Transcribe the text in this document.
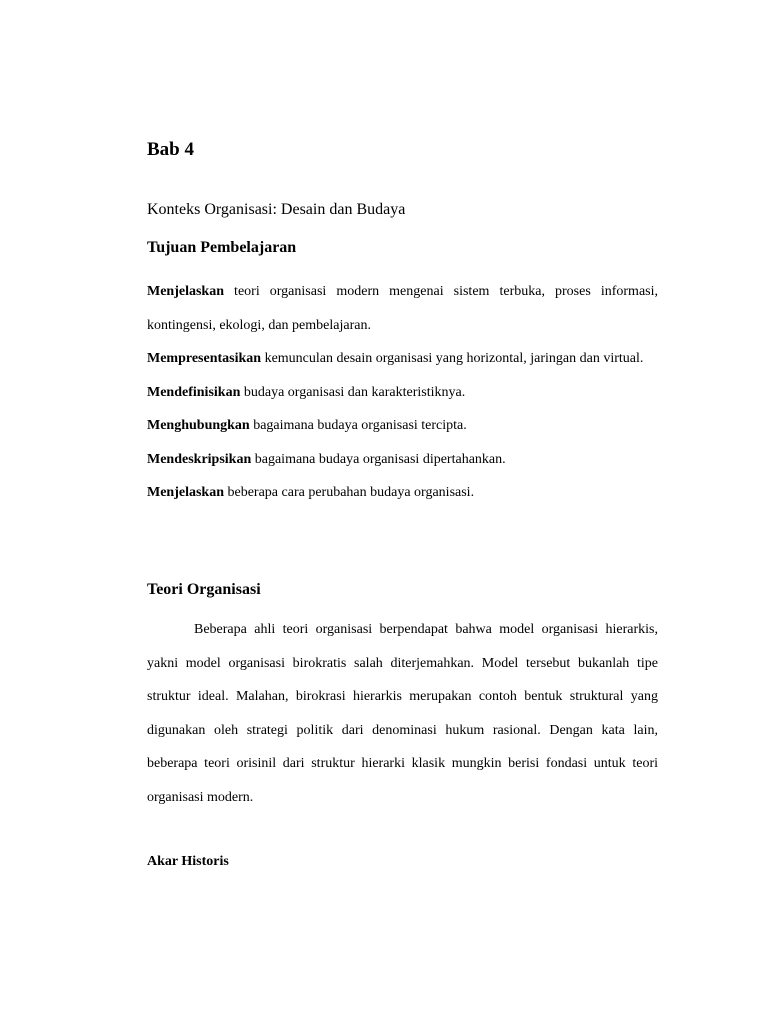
Bab 4

Konteks Organisasi: Desain dan Budaya

Tujuan Pembelajaran
Menjelaskan teori organisasi modern mengenai sistem terbuka, proses informasi, kontingensi, ekologi, dan pembelajaran.
Mempresentasikan kemunculan desain organisasi yang horizontal, jaringan dan virtual.
Mendefinisikan budaya organisasi dan karakteristiknya.
Menghubungkan bagaimana budaya organisasi tercipta.
Mendeskripsikan bagaimana budaya organisasi dipertahankan.
Menjelaskan beberapa cara perubahan budaya organisasi.
Teori Organisasi

Beberapa ahli teori organisasi berpendapat bahwa model organisasi hierarkis, yakni model organisasi birokratis salah diterjemahkan. Model tersebut bukanlah tipe struktur ideal. Malahan, birokrasi hierarkis merupakan contoh bentuk struktural yang digunakan oleh strategi politik dari denominasi hukum rasional. Dengan kata lain, beberapa teori orisinil dari struktur hierarki klasik mungkin berisi fondasi untuk teori organisasi modern.

Akar Historis
